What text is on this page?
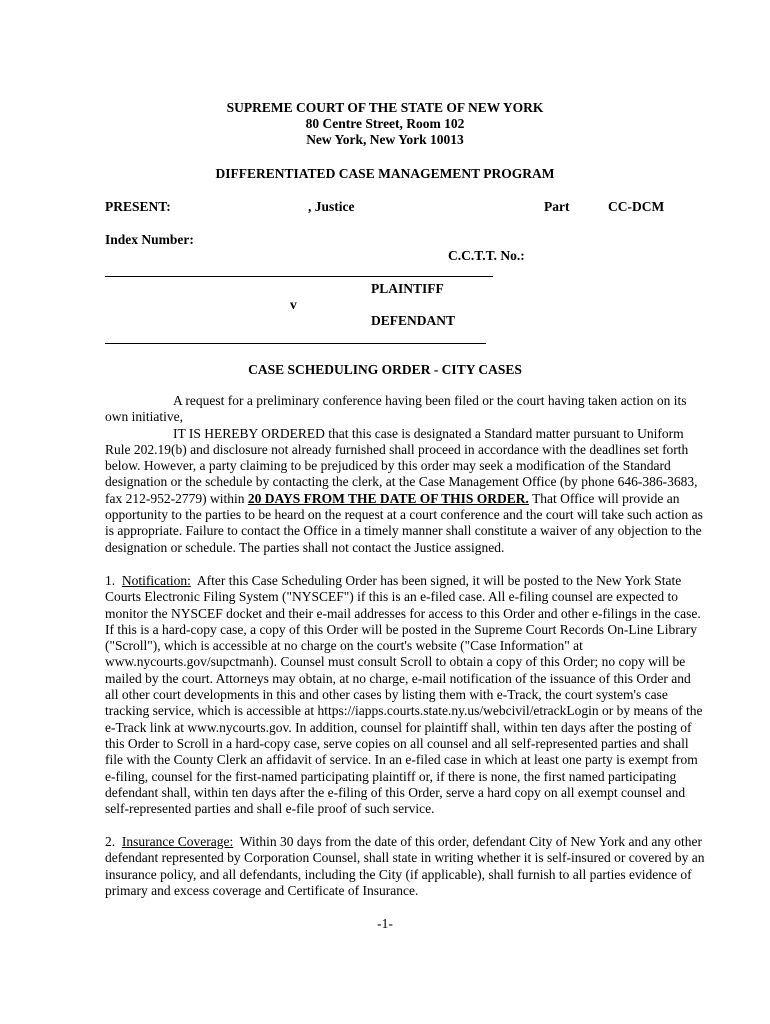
SUPREME COURT OF THE STATE OF NEW YORK
80 Centre Street, Room 102
New York, New York 10013
DIFFERENTIATED CASE MANAGEMENT PROGRAM
PRESENT:	, Justice	Part	CC-DCM
Index Number:
C.C.T.T. No.:
PLAINTIFF
v
DEFENDANT
CASE SCHEDULING ORDER - CITY CASES

A request for a preliminary conference having been filed or the court having taken action on its own initiative,

IT IS HEREBY ORDERED that this case is designated a Standard matter pursuant to Uniform Rule 202.19(b) and disclosure not already furnished shall proceed in accordance with the deadlines set forth below. However, a party claiming to be prejudiced by this order may seek a modification of the Standard designation or the schedule by contacting the clerk, at the Case Management Office (by phone 646-386-3683, fax 212-952-2779) within 20 DAYS FROM THE DATE OF THIS ORDER. That Office will provide an opportunity to the parties to be heard on the request at a court conference and the court will take such action as is appropriate. Failure to contact the Office in a timely manner shall constitute a waiver of any objection to the designation or schedule. The parties shall not contact the Justice assigned.

1. Notification: After this Case Scheduling Order has been signed, it will be posted to the New York State Courts Electronic Filing System ("NYSCEF") if this is an e-filed case. All e-filing counsel are expected to monitor the NYSCEF docket and their e-mail addresses for access to this Order and other e-filings in the case. If this is a hard-copy case, a copy of this Order will be posted in the Supreme Court Records On-Line Library ("Scroll"), which is accessible at no charge on the court's website ("Case Information" at www.nycourts.gov/supctmanh). Counsel must consult Scroll to obtain a copy of this Order; no copy will be mailed by the court. Attorneys may obtain, at no charge, e-mail notification of the issuance of this Order and all other court developments in this and other cases by listing them with e-Track, the court system's case tracking service, which is accessible at https://iapps.courts.state.ny.us/webcivil/etrackLogin or by means of the e-Track link at www.nycourts.gov. In addition, counsel for plaintiff shall, within ten days after the posting of this Order to Scroll in a hard-copy case, serve copies on all counsel and all self-represented parties and shall file with the County Clerk an affidavit of service. In an e-filed case in which at least one party is exempt from e-filing, counsel for the first-named participating plaintiff or, if there is none, the first named participating defendant shall, within ten days after the e-filing of this Order, serve a hard copy on all exempt counsel and self-represented parties and shall e-file proof of such service.

2. Insurance Coverage: Within 30 days from the date of this order, defendant City of New York and any other defendant represented by Corporation Counsel, shall state in writing whether it is self-insured or covered by an insurance policy, and all defendants, including the City (if applicable), shall furnish to all parties evidence of primary and excess coverage and Certificate of Insurance.

-1-
